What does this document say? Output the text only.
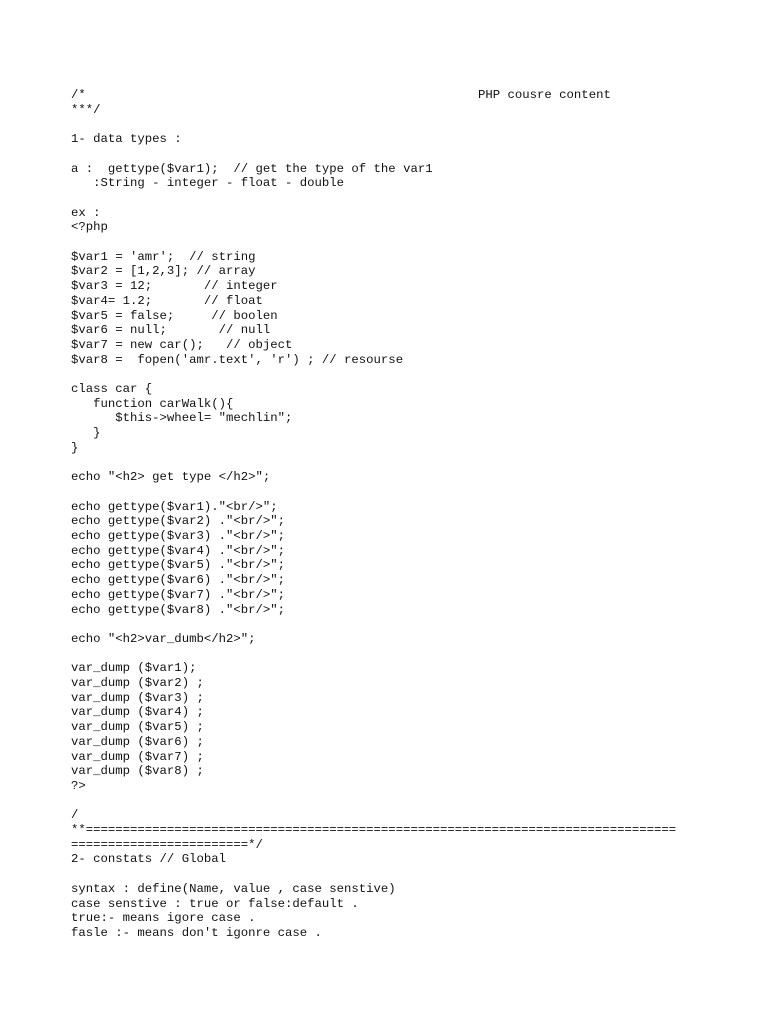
PHP cousre content
/*
***/
1- data types :
a :  gettype($var1);  // get the type of the var1
:String - integer - float - double
ex :
<?php
$var1 = 'amr';  // string
$var2 = [1,2,3]; // array
$var3 = 12;       // integer
$var4= 1.2;       // float
$var5 = false;     // boolen
$var6 = null;       // null
$var7 = new car();   // object
$var8 =  fopen('amr.text', 'r') ; // resourse
class car {
function carWalk(){
$this->wheel= "mechlin";
}
}
echo "<h2> get type </h2>";
echo gettype($var1)."<br/>";
echo gettype($var2) ."<br/>";
echo gettype($var3) ."<br/>";
echo gettype($var4) ."<br/>";
echo gettype($var5) ."<br/>";
echo gettype($var6) ."<br/>";
echo gettype($var7) ."<br/>";
echo gettype($var8) ."<br/>";
echo "<h2>var_dumb</h2>";
var_dump ($var1);
var_dump ($var2) ;
var_dump ($var3) ;
var_dump ($var4) ;
var_dump ($var5) ;
var_dump ($var6) ;
var_dump ($var7) ;
var_dump ($var8) ;
?>
/
**================================================================================
========================*/
2- constats // Global
syntax : define(Name, value , case senstive)
case senstive : true or false:default .
true:- means igore case .
fasle :- means don't igonre case .
